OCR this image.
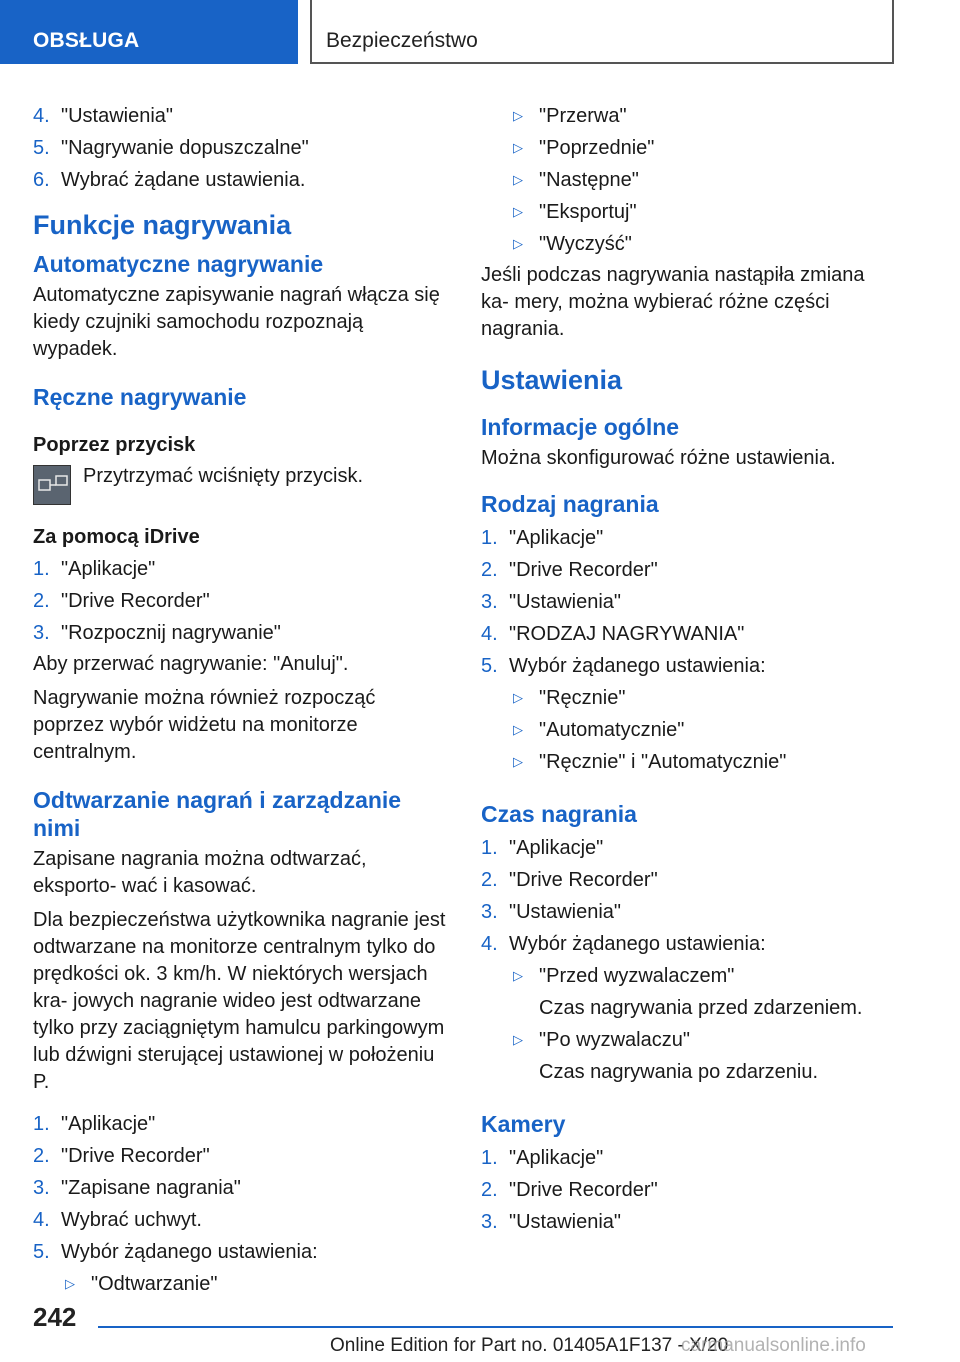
OBSŁUGA	Bezpieczeństwo
4. "Ustawienia"
5. "Nagrywanie dopuszczalne"
6. Wybrać żądane ustawienia.
Funkcje nagrywania
Automatyczne nagrywanie
Automatyczne zapisywanie nagrań włącza się kiedy czujniki samochodu rozpoznają wypadek.
Ręczne nagrywanie
Poprzez przycisk
Przytrzymać wciśnięty przycisk.
Za pomocą iDrive
1. "Aplikacje"
2. "Drive Recorder"
3. "Rozpocznij nagrywanie"
Aby przerwać nagrywanie: "Anuluj".
Nagrywanie można również rozpocząć poprzez wybór widżetu na monitorze centralnym.
Odtwarzanie nagrań i zarządzanie nimi
Zapisane nagrania można odtwarzać, eksporto‐ wać i kasować.
Dla bezpieczeństwa użytkownika nagranie jest odtwarzane na monitorze centralnym tylko do prędkości ok. 3 km/h. W niektórych wersjach kra‐ jowych nagranie wideo jest odtwarzane tylko przy zaciągniętym hamulcu parkingowym lub dźwigni sterującej ustawionej w położeniu P.
1. "Aplikacje"
2. "Drive Recorder"
3. "Zapisane nagrania"
4. Wybrać uchwyt.
5. Wybór żądanego ustawienia:
▷ "Odtwarzanie"
▷ "Przerwa"
▷ "Poprzednie"
▷ "Następne"
▷ "Eksportuj"
▷ "Wyczyść"
Jeśli podczas nagrywania nastąpiła zmiana ka‐ mery, można wybierać różne części nagrania.
Ustawienia
Informacje ogólne
Można skonfigurować różne ustawienia.
Rodzaj nagrania
1. "Aplikacje"
2. "Drive Recorder"
3. "Ustawienia"
4. "RODZAJ NAGRYWANIA"
5. Wybór żądanego ustawienia:
▷ "Ręcznie"
▷ "Automatycznie"
▷ "Ręcznie" i "Automatycznie"
Czas nagrania
1. "Aplikacje"
2. "Drive Recorder"
3. "Ustawienia"
4. Wybór żądanego ustawienia:
▷ "Przed wyzwalaczem"
Czas nagrywania przed zdarzeniem.
▷ "Po wyzwalaczu"
Czas nagrywania po zdarzeniu.
Kamery
1. "Aplikacje"
2. "Drive Recorder"
3. "Ustawienia"
242
Online Edition for Part no. 01405A1F137 - X/20
carmanualsonline.info
